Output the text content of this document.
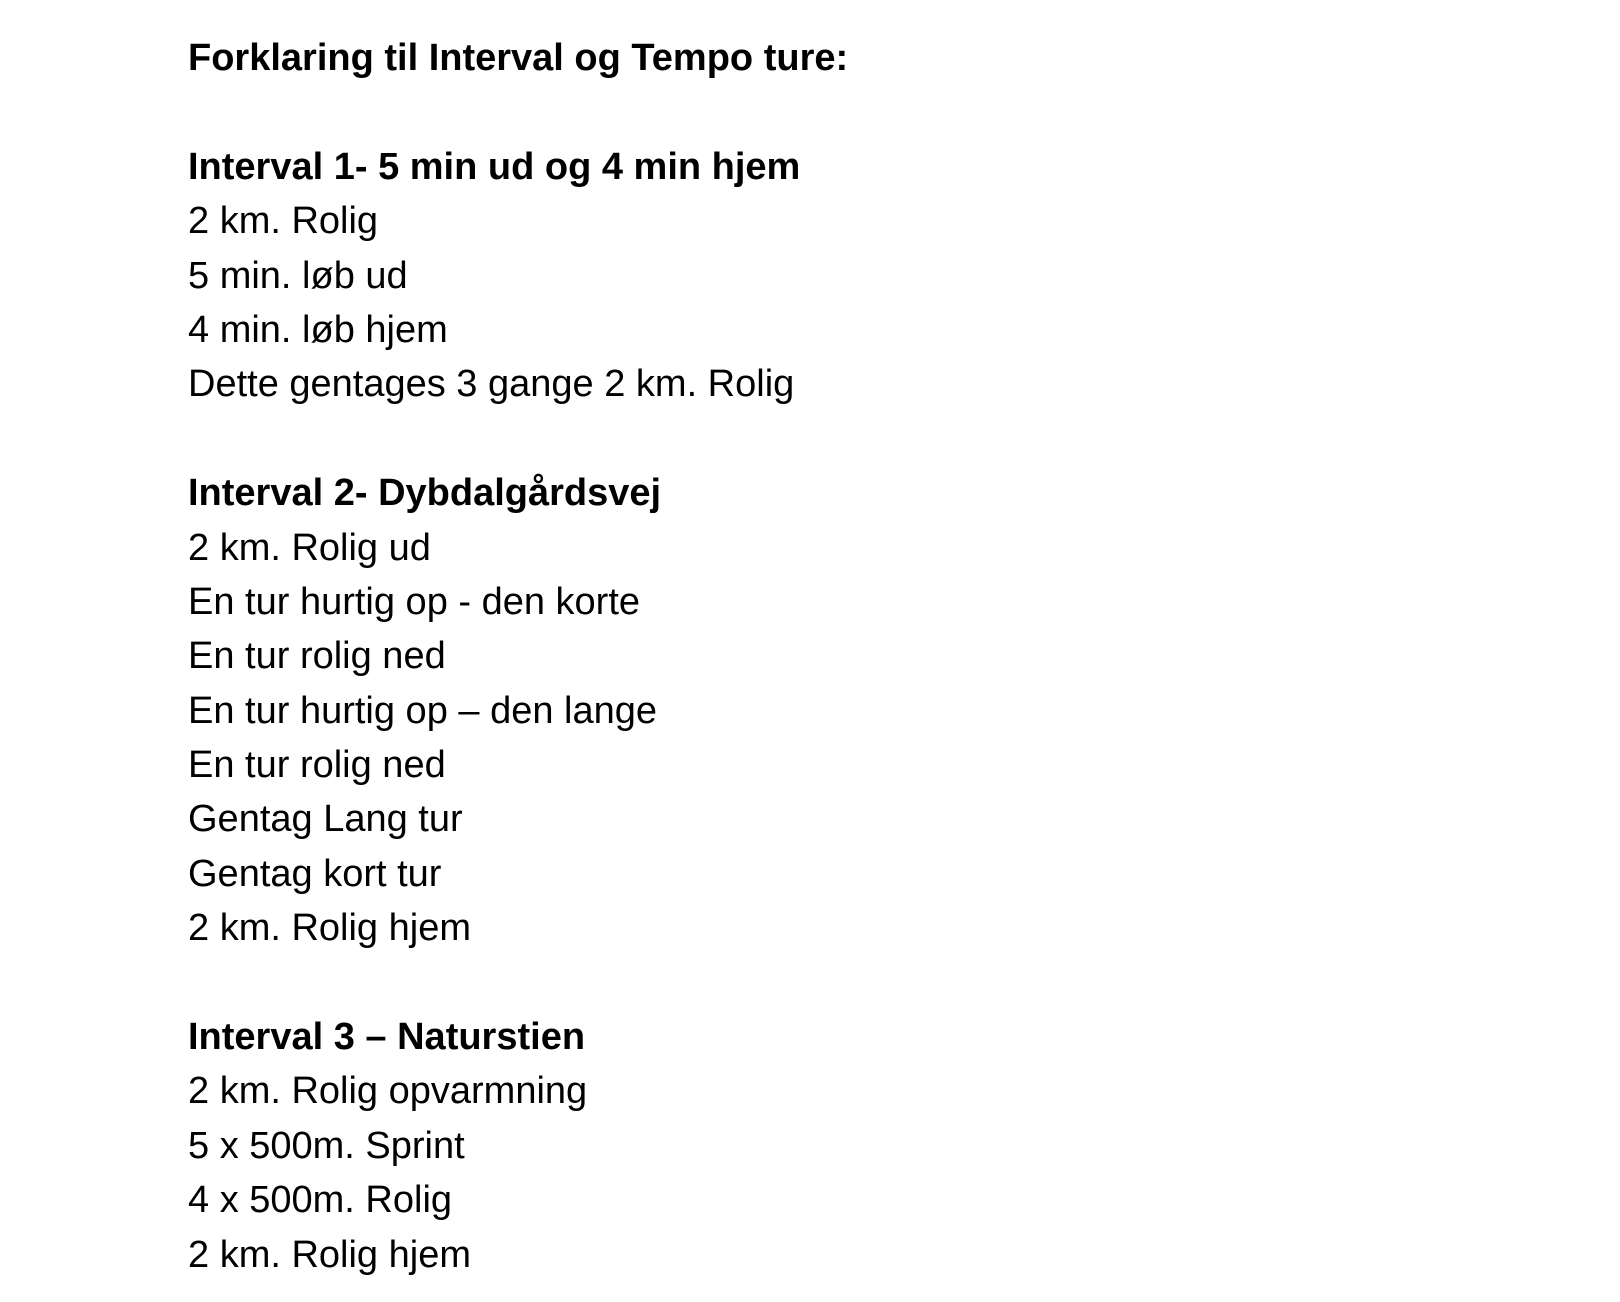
Forklaring til Interval og Tempo ture:
Interval 1- 5 min ud og 4 min hjem
2 km. Rolig
5 min. løb ud
4 min. løb hjem
Dette gentages 3 gange 2 km. Rolig
Interval 2- Dybdalgårdsvej
2 km. Rolig ud
En tur hurtig op - den korte
En tur rolig ned
En tur hurtig op – den lange
En tur rolig ned
Gentag Lang tur
Gentag kort tur
2 km. Rolig hjem
Interval 3 – Naturstien
2 km. Rolig opvarmning
5 x 500m. Sprint
4 x 500m. Rolig
2 km. Rolig hjem
